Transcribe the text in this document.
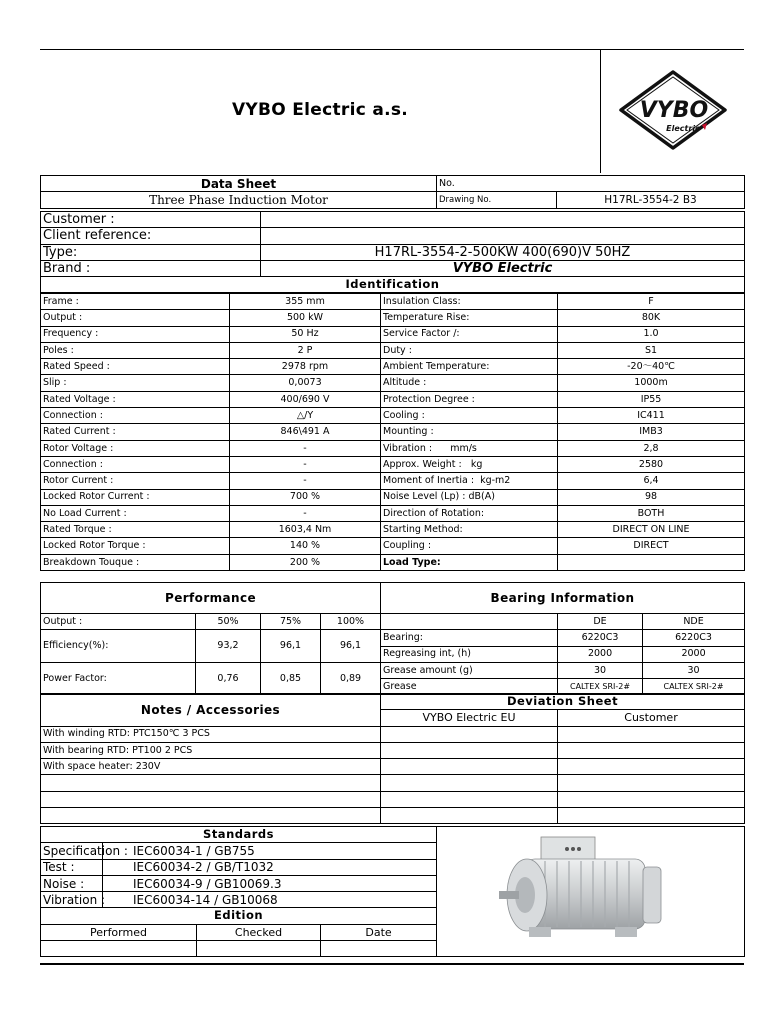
VYBO Electric a.s.	VYBO
Electric
Data Sheet	No.	
Three Phase Induction Motor	Drawing No.	H17RL-3554-2 B3
Customer :	
Client reference:	
Type:	H17RL-3554-2-500KW 400(690)V 50HZ
Brand :	VYBO Electric
Identification	
Frame :	355 mm	Insulation Class:	F
Output :	500 kW	Temperature Rise:	80K
Frequency :	50 Hz	Service Factor /:	1.0
Poles :	2 P	Duty :	S1
Rated Speed :	2978 rpm	Ambient Temperature:	-20〜40℃
Slip :	0,0073	Altitude :	1000m
Rated Voltage :	400/690 V	Protection Degree :	IP55
Connection :	△/Y	Cooling :	IC411
Rated Current :	846\491 A	Mounting :	IMB3
Rotor Voltage :	-	Vibration :      mm/s	2,8
Connection :	-	Approx. Weight :   kg	2580
Rotor Current :	-	Moment of Inertia :  kg-m2	6,4
Locked Rotor Current :	700 %	Noise Level (Lp) : dB(A)	98
No Load Current :	-	Direction of Rotation:	BOTH
Rated Torque :	1603,4 Nm	Starting Method:	DIRECT ON LINE
Locked Rotor Torque :	140 %	Coupling :	DIRECT
Breakdown Touque :	200 %	Load Type:	
Performance				Bearing Information		
Output :	50%	75%	100%		DE	NDE
Efficiency(%):	93,2	96,1	96,1	Bearing:	6220C3	6220C3
				Regreasing int, (h)	2000	2000
Power Factor:	0,76	0,85	0,89	Grease amount (g)	30	30
				Grease	CALTEX SRI-2#	CALTEX SRI-2#
Notes / Accessories	Deviation Sheet	
	VYBO Electric EU	Customer
With winding RTD: PTC150℃ 3 PCS		
With bearing RTD: PT100 2 PCS		
With space heater: 230V		

Standards	

Specification :	IEC60034-1 / GB755			
Test :	IEC60034-2 / GB/T1032			
Noise :	IEC60034-9 / GB10069.3			
Vibration :	IEC60034-14 / GB10068			
Edition				
Performed		Checked	Date	
